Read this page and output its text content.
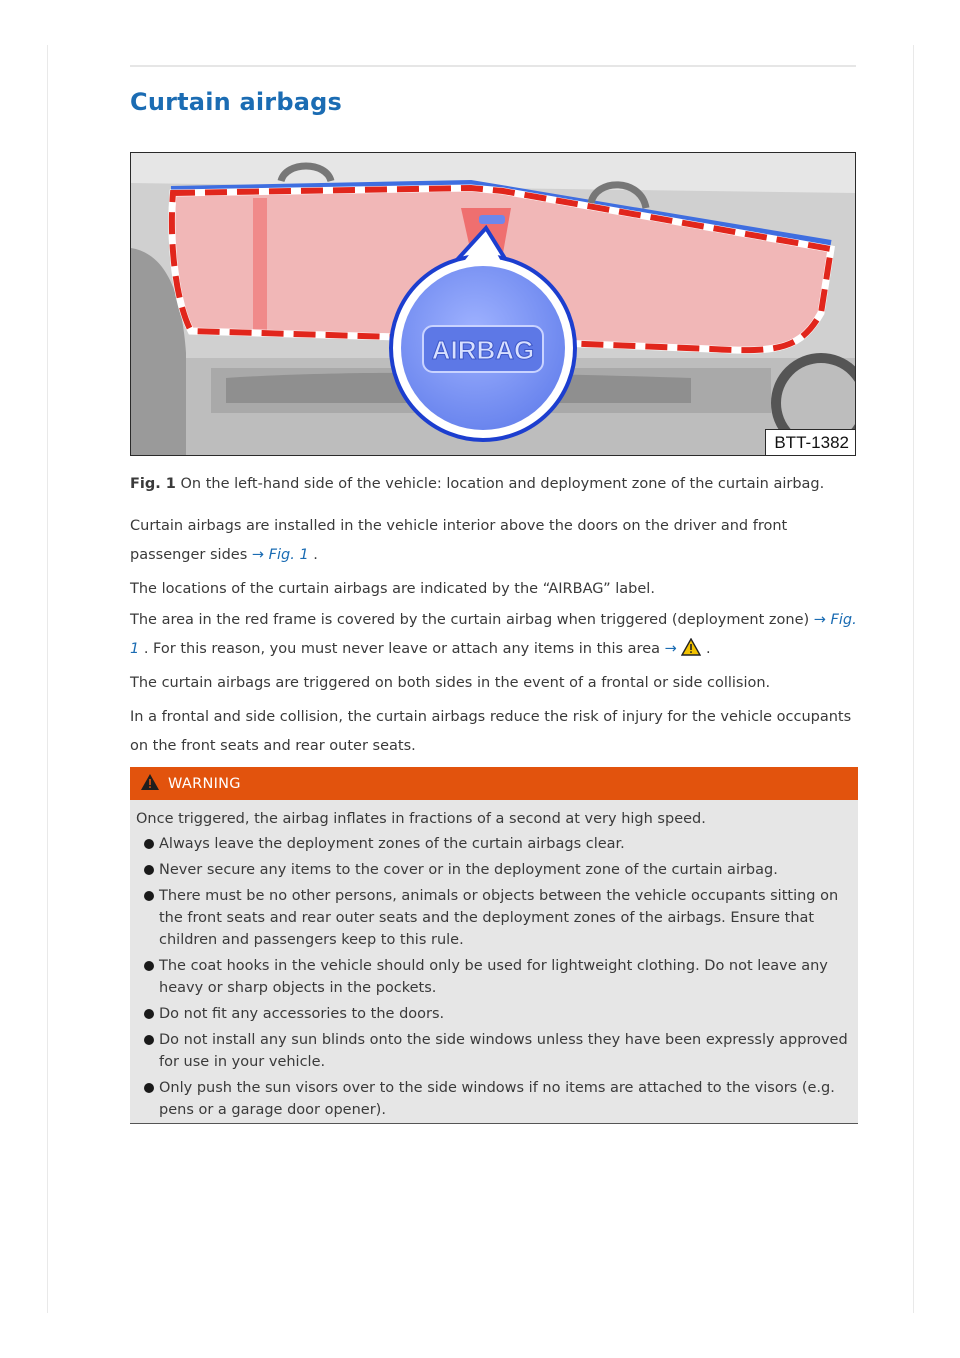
Curtain airbags
AIRBAG
BTT-1382
Fig. 1 On the left-hand side of the vehicle: location and deployment zone of the curtain airbag.

Curtain airbags are installed in the vehicle interior above the doors on the driver and front passenger sides → Fig. 1 .

The locations of the curtain airbags are indicated by the “AIRBAG” label.

The area in the red frame is covered by the curtain airbag when triggered (deployment zone) → Fig. 1 . For this reason, you must never leave or attach any items in this area → .

The curtain airbags are triggered on both sides in the event of a frontal or side collision.

In a frontal and side collision, the curtain airbags reduce the risk of injury for the vehicle occupants on the front seats and rear outer seats.

WARNING
Once triggered, the airbag inflates in fractions of a second at very high speed.
Always leave the deployment zones of the curtain airbags clear.
Never secure any items to the cover or in the deployment zone of the curtain airbag.
There must be no other persons, animals or objects between the vehicle occupants sitting on the front seats and rear outer seats and the deployment zones of the airbags. Ensure that children and passengers keep to this rule.
The coat hooks in the vehicle should only be used for lightweight clothing. Do not leave any heavy or sharp objects in the pockets.
Do not fit any accessories to the doors.
Do not install any sun blinds onto the side windows unless they have been expressly approved for use in your vehicle.
Only push the sun visors over to the side windows if no items are attached to the visors (e.g. pens or a garage door opener).
